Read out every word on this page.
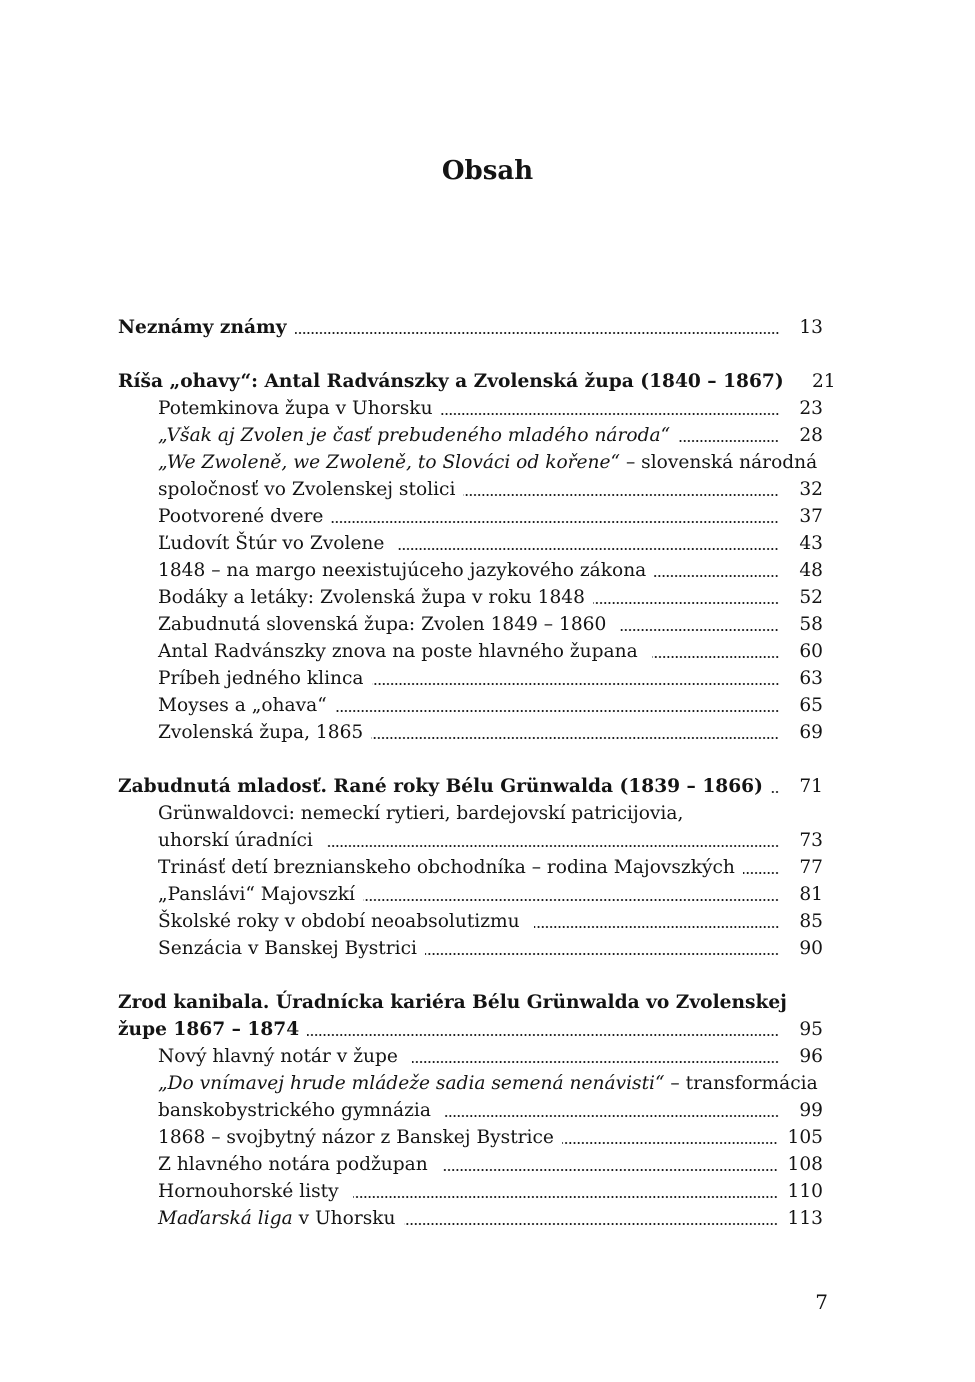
Obsah
Neznámy známy	13
Ríša „ohavy“: Antal Radvánszky a Zvolenská župa (1840 – 1867)	21
Potemkinova župa v Uhorsku	23
„Však aj Zvolen je časť prebudeného mladého národa“	28
„We Zwoleně, we Zwoleně, to Slováci od kořene“ – slovenská národná
spoločnosť vo Zvolenskej stolici	32
Pootvorené dvere	37
Ľudovít Štúr vo Zvolene	43
1848 – na margo neexistujúceho jazykového zákona	48
Bodáky a letáky: Zvolenská župa v roku 1848	52
Zabudnutá slovenská župa: Zvolen 1849 – 1860	58
Antal Radvánszky znova na poste hlavného župana	60
Príbeh jedného klinca	63
Moyses a „ohava“	65
Zvolenská župa, 1865	69
Zabudnutá mladosť. Rané roky Bélu Grünwalda (1839 – 1866)	71
Grünwaldovci: nemeckí rytieri, bardejovskí patricijovia,
uhorskí úradníci	73
Trinásť detí breznianskeho obchodníka – rodina Majovszkých	77
„Panslávi“ Majovszkí	81
Školské roky v období neoabsolutizmu	85
Senzácia v Banskej Bystrici	90
Zrod kanibala. Úradnícka kariéra Bélu Grünwalda vo Zvolenskej
župe 1867 – 1874	95
Nový hlavný notár v župe	96
„Do vnímavej hrude mládeže sadia semená nenávisti“ – transformácia
banskobystrického gymnázia	99
1868 – svojbytný názor z Banskej Bystrice	105
Z hlavného notára podžupan	108
Hornouhorské listy	110
Maďarská liga v Uhorsku	113
7
